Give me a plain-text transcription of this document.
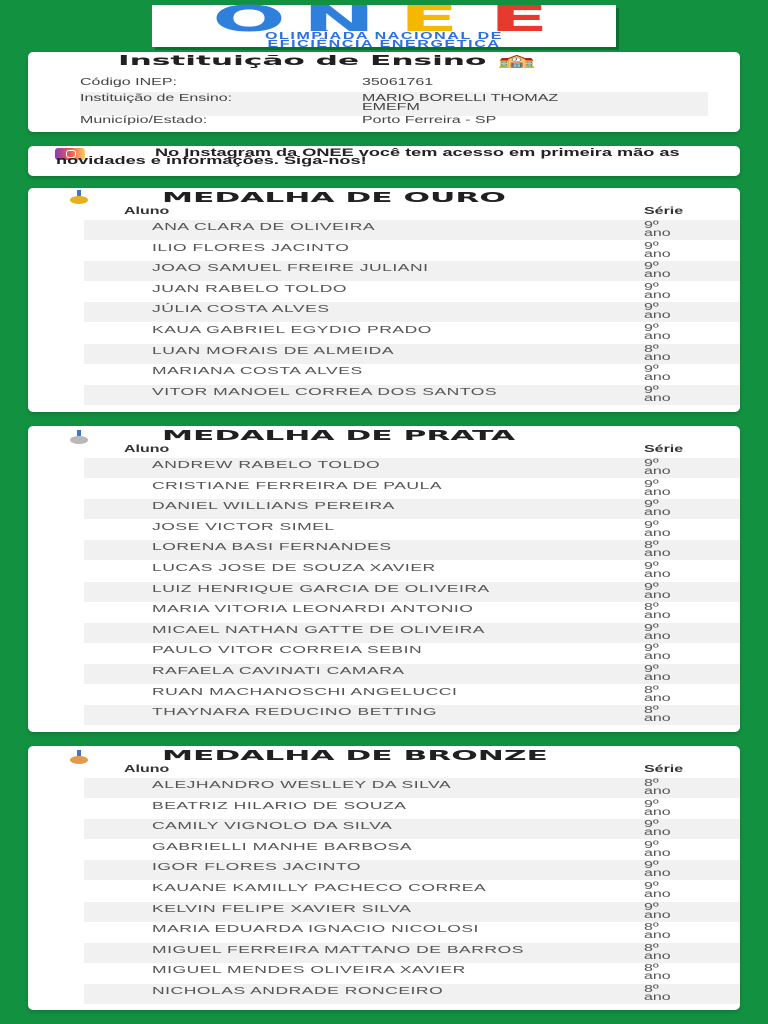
O N E E
OLIMPÍADA NACIONAL DE
EFICIÊNCIA ENERGÉTICA
Instituição de Ensino 🏫
Código INEP:	35061761
Instituição de Ensino:	MARIO BORELLI THOMAZ EMEFM
Município/Estado:	Porto Ferreira - SP
No Instagram da ONEE você tem acesso em primeira mão as novidades e informações. Siga-nos!
MEDALHA DE OURO
Aluno	Série
ANA CLARA DE OLIVEIRA	9º ano
ILIO FLORES JACINTO	9º ano
JOAO SAMUEL FREIRE JULIANI	9º ano
JUAN RABELO TOLDO	9º ano
JÚLIA COSTA ALVES	9º ano
KAUA GABRIEL EGYDIO PRADO	9º ano
LUAN MORAIS DE ALMEIDA	8º ano
MARIANA COSTA ALVES	9º ano
VITOR MANOEL CORREA DOS SANTOS	9º ano
MEDALHA DE PRATA
Aluno	Série
ANDREW RABELO TOLDO	9º ano
CRISTIANE FERREIRA DE PAULA	9º ano
DANIEL WILLIANS PEREIRA	9º ano
JOSE VICTOR SIMEL	9º ano
LORENA BASI FERNANDES	8º ano
LUCAS JOSE DE SOUZA XAVIER	9º ano
LUIZ HENRIQUE GARCIA DE OLIVEIRA	9º ano
MARIA VITORIA LEONARDI ANTONIO	8º ano
MICAEL NATHAN GATTE DE OLIVEIRA	9º ano
PAULO VITOR CORREIA SEBIN	9º ano
RAFAELA CAVINATI CAMARA	9º ano
RUAN MACHANOSCHI ANGELUCCI	8º ano
THAYNARA REDUCINO BETTING	8º ano
MEDALHA DE BRONZE
Aluno	Série
ALEJHANDRO WESLLEY DA SILVA	8º ano
BEATRIZ HILARIO DE SOUZA	9º ano
CAMILY VIGNOLO DA SILVA	9º ano
GABRIELLI MANHE BARBOSA	9º ano
IGOR FLORES JACINTO	9º ano
KAUANE KAMILLY PACHECO CORREA	9º ano
KELVIN FELIPE XAVIER SILVA	9º ano
MARIA EDUARDA IGNACIO NICOLOSI	8º ano
MIGUEL FERREIRA MATTANO DE BARROS	8º ano
MIGUEL MENDES OLIVEIRA XAVIER	8º ano
NICHOLAS ANDRADE RONCEIRO	8º ano
